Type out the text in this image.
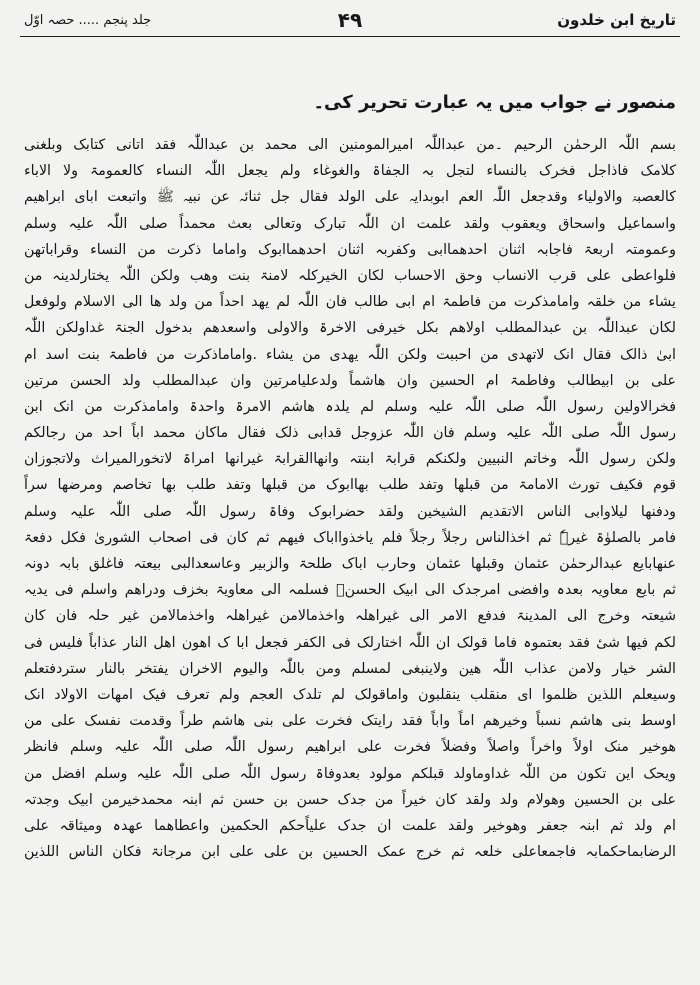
جلد پنجم ..... حصہ اوّل	۴۹	تاریخ ابن خلدون
منصور نے جواب میں یہ عبارت تحریر کی۔
بسم اللّٰہ الرحمٰن الرحیم ۔من عبداللّٰہ امیرالمومنین الی محمد بن عبداللّٰہ فقد اتانی کتابک وبلغنی
کلامک فاذاجل فخرک بالنساء لتجل بہ الجفاۃ والغوغاء ولم یجعل اللّٰہ النساء کالعمومۃ ولا الاباء
کالعصبۃ والاولیاء وقدجعل اللّٰہ العم ابوبدایہ علی الولد فقال جل ثنائہ عن نبیہ ﷺ واتبعت ابای ابراھیم
واسماعیل واسحاق ویعقوب ولقد علمت ان اللّٰہ تبارک وتعالی بعث محمداً صلی اللّٰہ علیہ وسلم
وعمومتہ اربعۃ فاجابہ اثنان احدھماابی وکفربہ اثنان احدھماابوک واماما ذکرت من النساء وقراباتھن
فلواعطی علی قرب الانساب وحق الاحساب لکان الخیرکلہ لامنۃ بنت وھب ولکن اللّٰہ یختارلدینہ من
یشاء من خلقہ وامامذکرت من فاطمۃ ام ابی طالب فان اللّٰہ لم یھد احداً من ولد ھا الی الاسلام ولوفعل
لکان عبداللّٰہ بن عبدالمطلب اولاھم بکل خیرفی الاخرۃ والاولی واسعدھم بدخول الجنۃ غداولکن اللّٰہ
ابیٰ ذالک فقال انک لاتھدی من احببت ولکن اللّٰہ یھدی من یشاء .واماماذکرت من فاطمۃ بنت اسد ام
علی بن ابیطالب وفاطمۃ ام الحسین وان ھاشماً ولدعلیامرتین وان عبدالمطلب ولد الحسن مرتین
فخرالاولین رسول اللّٰہ صلی اللّٰہ علیہ وسلم لم یلدہ ھاشم الامرۃ واحدۃ وامامذکرت من انک ابن
رسول اللّٰہ صلی اللّٰہ علیہ وسلم فان اللّٰہ عزوجل قدابی ذلک فقال ماکان محمد اباً احد من رجالکم
ولکن رسول اللّٰہ وخاتم النبیین ولکنکم قرابۃ ابنتہ وانھاالقرابۃ غیرانھا امراۃ لاتخورالمیراث ولاتجوزان
قوم فکیف تورث الامامۃ من قبلھا وتفد طلب بھاابوک من قبلھا وتفد طلب بھا تخاصم ومرضھا سراً
ودفنھا لیلاوابی الناس الاتقدیم الشیخین ولقد حضرابوک وفاۃ رسول اللّٰہ صلی اللّٰہ علیہ وسلم
فامر بالصلوٰۃ غیرہٗ ثم اخذالناس رجلاً رجلاً فلم یاخذوااباک فیھم ثم کان فی اصحاب الشوریٰ فکل دفعۃ
عنھابایع عبدالرحمٰن عثمان وقبلھا عثمان وحارب اباک طلحۃ والزبیر وعاسعدالبی بیعتہ فاغلق بابہ دونہ
ثم بایع معاویہ بعدہ وافضی امرجدک الی ابیک الحسنؓ فسلمہ الی معاویۃ بخزف ودراھم واسلم فی یدیہ
شیعتہ وخرج الی المدینۃ فدفع الامر الی غیراھلہ واخذمالامن غیراھلہ واخذمالامن غیر حلہ فان کان
لکم فیھا شیٔ فقد بعتموہ فاما قولک ان اللّٰہ اختارلک فی الکفر فجعل ابا ک اھون اھل النار عذاباً فلیس فی
الشر خیار ولامن عذاب اللّٰہ ھین ولاینبغی لمسلم ومن باللّٰہ والیوم الاخران یفتخر بالنار ستردفتعلم
وسیعلم اللذین ظلموا ای منقلب ینقلبون واماقولک لم تلدک العجم ولم تعرف فیک امھات الاولاد انک
اوسط بنی ھاشم نسباً وخیرھم اماً واباً فقد رایتک فخرت علی بنی ھاشم طراً وقدمت نفسک علی من
ھوخیر منک اولاً واخراً واصلاً وفضلاً فخرت علی ابراھیم رسول اللّٰہ صلی اللّٰہ علیہ وسلم فانظر
ویحک این تکون من اللّٰہ غداوماولد قبلکم مولود بعدوفاۃ رسول اللّٰہ صلی اللّٰہ علیہ وسلم افضل من
علی بن الحسین وھولام ولد ولقد کان خیراً من جدک حسن بن حسن ثم ابنہ محمدخیرمن ابیک وجدتہ
ام ولد ثم ابنہ جعفر وھوخیر ولقد علمت ان جدک علیاًحکم الحکمین واعطاھما عھدہ ومیثاقہ علی
الرضابماحکمابہ فاجمعاعلی خلعہ ثم خرج عمک الحسین بن علی علی ابن مرجانۃ فکان الناس اللذین
